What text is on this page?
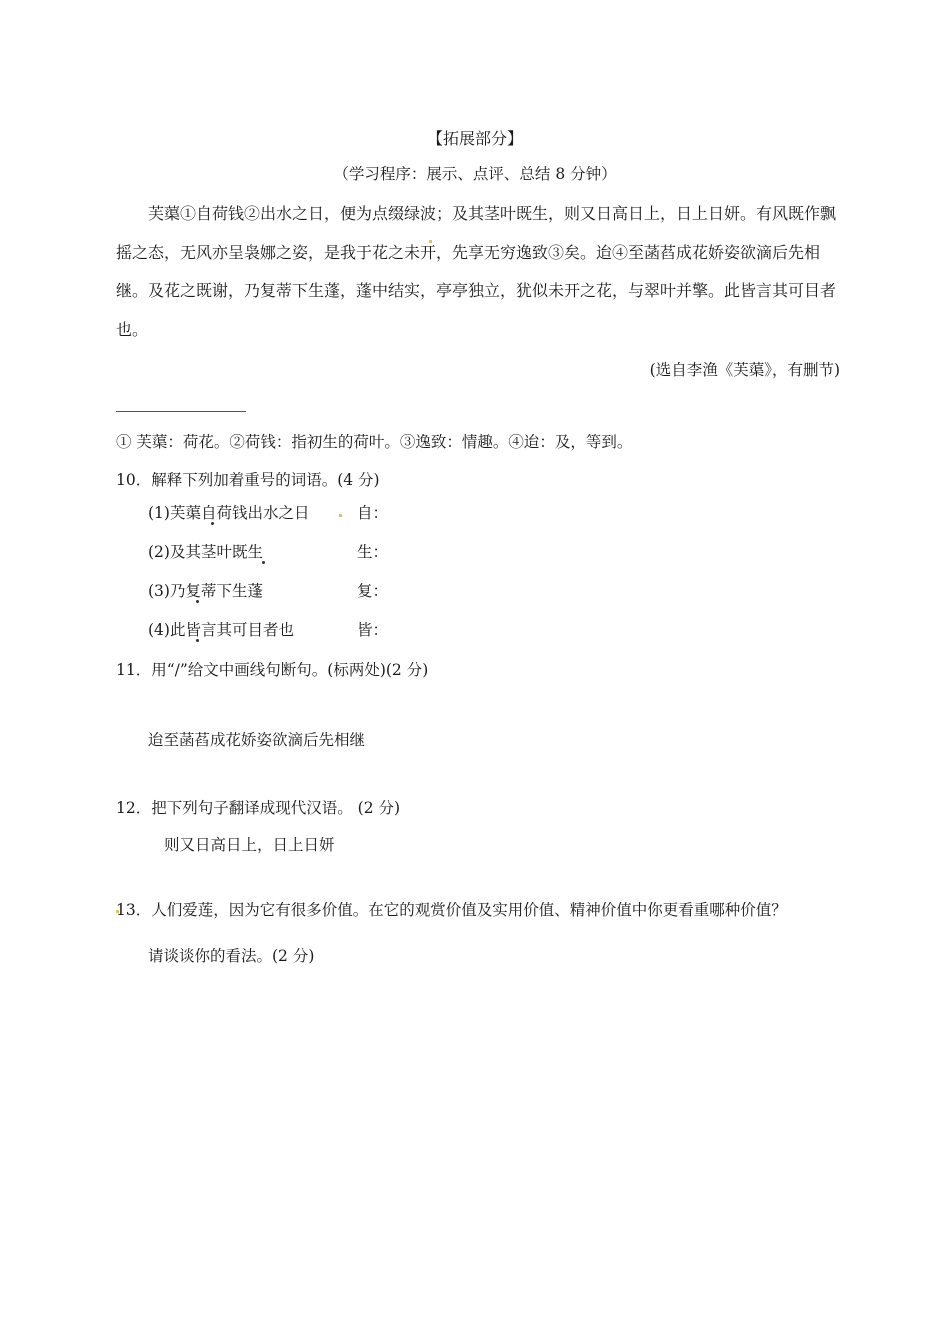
【拓展部分】
（学习程序：展示、点评、总结 8 分钟）
芙蕖①自荷钱②出水之日，便为点缀绿波；及其茎叶既生，则又日高日上，日上日妍。有风既作飘摇之态，无风亦呈袅娜之姿，是我于花之未开，先享无穷逸致③矣。迨④至菡萏成花娇姿欲滴后先相继。及花之既谢，乃复蒂下生蓬，蓬中结实，亭亭独立，犹似未开之花，与翠叶并擎。此皆言其可目者也。
(选自李渔《芙蕖》，有删节)
① 芙蕖：荷花。②荷钱：指初生的荷叶。③逸致：情趣。④迨：及，等到。
10．解释下列加着重号的词语。(4 分)
(1)芙蕖自荷钱出水之日	自：
(2)及其茎叶既生	生：
(3)乃复蒂下生蓬	复：
(4)此皆言其可目者也	皆：
11．用“/”给文中画线句断句。(标两处)(2 分)
迨至菡萏成花娇姿欲滴后先相继
12．把下列句子翻译成现代汉语。 (2 分)
则又日高日上，日上日妍
13．人们爱莲，因为它有很多价值。在它的观赏价值及实用价值、精神价值中你更看重哪种价值？
请谈谈你的看法。(2 分)
